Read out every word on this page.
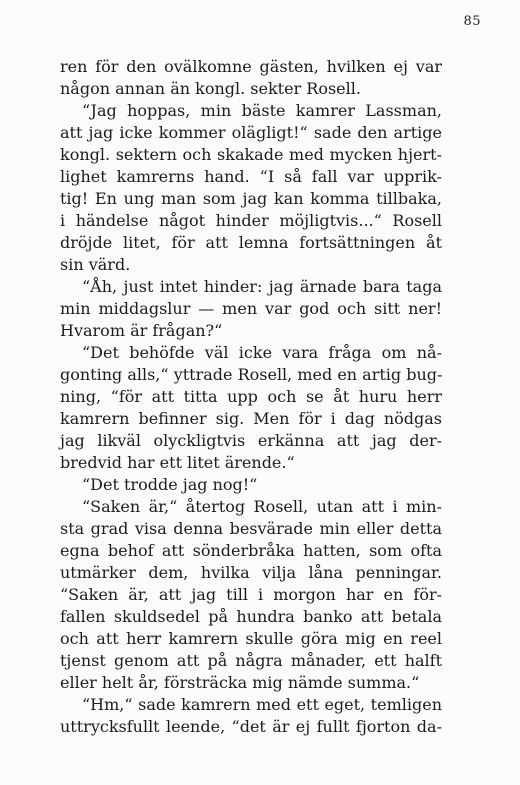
85
ren för den ovälkomne gästen, hvilken ej var
någon annan än kongl. sekter Rosell.
“Jag hoppas, min bäste kamrer Lassman,
att jag icke kommer olägligt!“ sade den artige
kongl. sektern och skakade med mycken hjert-
lighet kamrerns hand. “I så fall var upprik-
tig! En ung man som jag kan komma tillbaka,
i händelse något hinder möjligtvis...“ Rosell
dröjde litet, för att lemna fortsättningen åt
sin värd.
“Åh, just intet hinder: jag ärnade bara taga
min middagslur — men var god och sitt ner!
Hvarom är frågan?“
“Det behöfde väl icke vara fråga om nå-
gonting alls,“ yttrade Rosell, med en artig bug-
ning, “för att titta upp och se åt huru herr
kamrern befinner sig. Men för i dag nödgas
jag likväl olyckligtvis erkänna att jag der-
bredvid har ett litet ärende.“
“Det trodde jag nog!“
“Saken är,“ återtog Rosell, utan att i min-
sta grad visa denna besvärade min eller detta
egna behof att sönderbråka hatten, som ofta
utmärker dem, hvilka vilja låna penningar.
“Saken är, att jag till i morgon har en för-
fallen skuldsedel på hundra banko att betala
och att herr kamrern skulle göra mig en reel
tjenst genom att på några månader, ett halft
eller helt år, försträcka mig nämde summa.“
“Hm,“ sade kamrern med ett eget, temligen
uttrycksfullt leende, “det är ej fullt fjorton da-
